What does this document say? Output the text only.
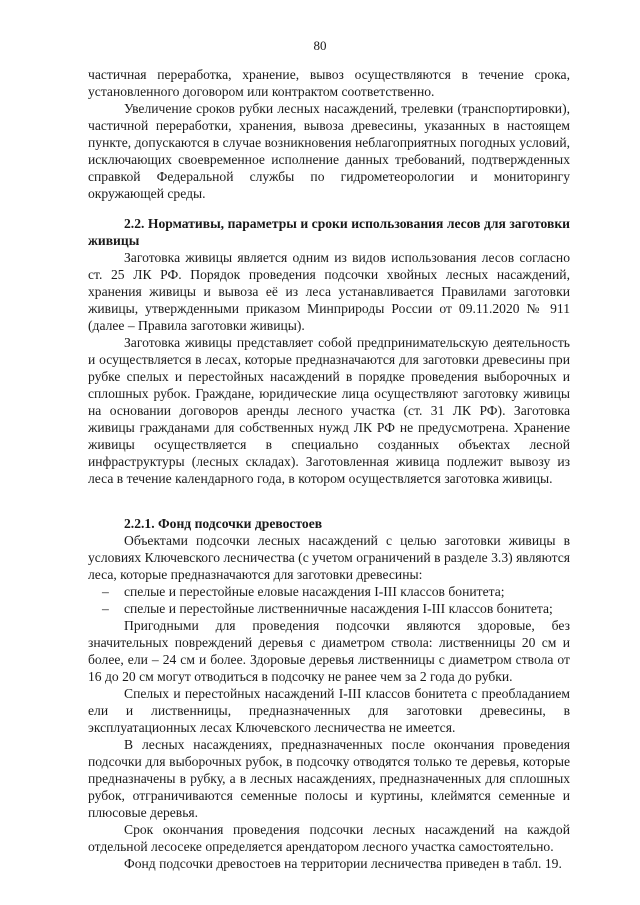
80

частичная переработка, хранение, вывоз осуществляются в течение срока, установленного договором или контрактом соответственно.

Увеличение сроков рубки лесных насаждений, трелевки (транспортировки), частичной переработки, хранения, вывоза древесины, указанных в настоящем пункте, допускаются в случае возникновения неблагоприятных погодных условий, исключающих своевременное исполнение данных требований, подтвержденных справкой Федеральной службы по гидрометеорологии и мониторингу окружающей среды.

2.2. Нормативы, параметры и сроки использования лесов для заготовки живицы

Заготовка живицы является одним из видов использования лесов согласно ст. 25 ЛК РФ. Порядок проведения подсочки хвойных лесных насаждений, хранения живицы и вывоза её из леса устанавливается Правилами заготовки живицы, утвержденными приказом Минприроды России от 09.11.2020 № 911 (далее – Правила заготовки живицы).

Заготовка живицы представляет собой предпринимательскую деятельность и осуществляется в лесах, которые предназначаются для заготовки древесины при рубке спелых и перестойных насаждений в порядке проведения выборочных и сплошных рубок. Граждане, юридические лица осуществляют заготовку живицы на основании договоров аренды лесного участка (ст. 31 ЛК РФ). Заготовка живицы гражданами для собственных нужд ЛК РФ не предусмотрена. Хранение живицы осуществляется в специально созданных объектах лесной инфраструктуры (лесных складах). Заготовленная живица подлежит вывозу из леса в течение календарного года, в котором осуществляется заготовка живицы.

2.2.1. Фонд подсочки древостоев

Объектами подсочки лесных насаждений с целью заготовки живицы в условиях Ключевского лесничества (с учетом ограничений в разделе 3.3) являются леса, которые предназначаются для заготовки древесины:

– спелые и перестойные еловые насаждения I-III классов бонитета;
– спелые и перестойные лиственничные насаждения I-III классов бонитета;

Пригодными для проведения подсочки являются здоровые, без значительных повреждений деревья с диаметром ствола: лиственницы 20 см и более, ели – 24 см и более. Здоровые деревья лиственницы с диаметром ствола от 16 до 20 см могут отводиться в подсочку не ранее чем за 2 года до рубки.

Спелых и перестойных насаждений I-III классов бонитета с преобладанием ели и лиственницы, предназначенных для заготовки древесины, в эксплуатационных лесах Ключевского лесничества не имеется.

В лесных насаждениях, предназначенных после окончания проведения подсочки для выборочных рубок, в подсочку отводятся только те деревья, которые предназначены в рубку, а в лесных насаждениях, предназначенных для сплошных рубок, отграничиваются семенные полосы и куртины, клеймятся семенные и плюсовые деревья.

Срок окончания проведения подсочки лесных насаждений на каждой отдельной лесосеке определяется арендатором лесного участка самостоятельно.

Фонд подсочки древостоев на территории лесничества приведен в табл. 19.
